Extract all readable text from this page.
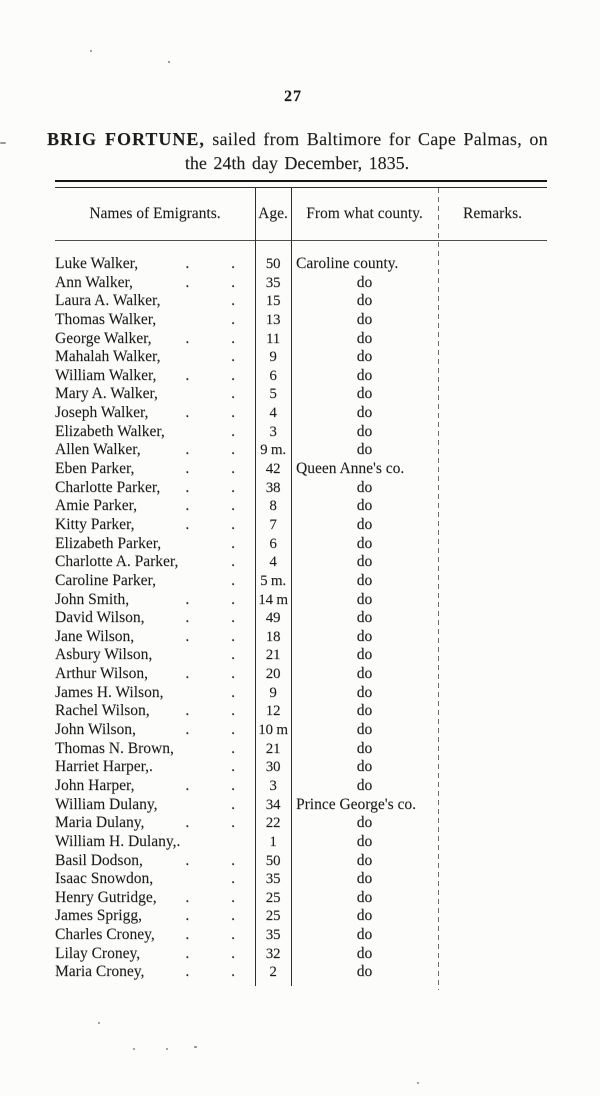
27
BRIG FORTUNE, sailed from Baltimore for Cape Palmas, on
the 24th day December, 1835.
Names of Emigrants.	Age.	From what county.	Remarks.
Luke Walker,	. .	50	Caroline county.
Ann Walker,	. .	35	do
Laura A. Walker,	.	15	do
Thomas Walker,	.	13	do
George Walker,	. .	11	do
Mahalah Walker,	.	9	do
William Walker,	. .	6	do
Mary A. Walker,	.	5	do
Joseph Walker,	. .	4	do
Elizabeth Walker,	.	3	do
Allen Walker,	. .	9 m.	do
Eben Parker,	. .	42	Queen Anne's co.
Charlotte Parker,	. .	38	do
Amie Parker,	. .	8	do
Kitty Parker,	. .	7	do
Elizabeth Parker,	.	6	do
Charlotte A. Parker,	.	4	do
Caroline Parker,	.	5 m.	do
John Smith,	. .	14 m	do
David Wilson,	. .	49	do
Jane Wilson,	. .	18	do
Asbury Wilson,	.	21	do
Arthur Wilson,	. .	20	do
James H. Wilson,	.	9	do
Rachel Wilson,	. .	12	do
John Wilson,	. .	10 m	do
Thomas N. Brown,	.	21	do
Harriet Harper,.	.	30	do
John Harper,	. .	3	do
William Dulany,	.	34	Prince George's co.
Maria Dulany,	. .	22	do
William H. Dulany,.	1	do
Basil Dodson,	. .	50	do
Isaac Snowdon,	.	35	do
Henry Gutridge,	. .	25	do
James Sprigg,	. .	25	do
Charles Croney,	. .	35	do
Lilay Croney,	. .	32	do
Maria Croney,	. .	2	do
